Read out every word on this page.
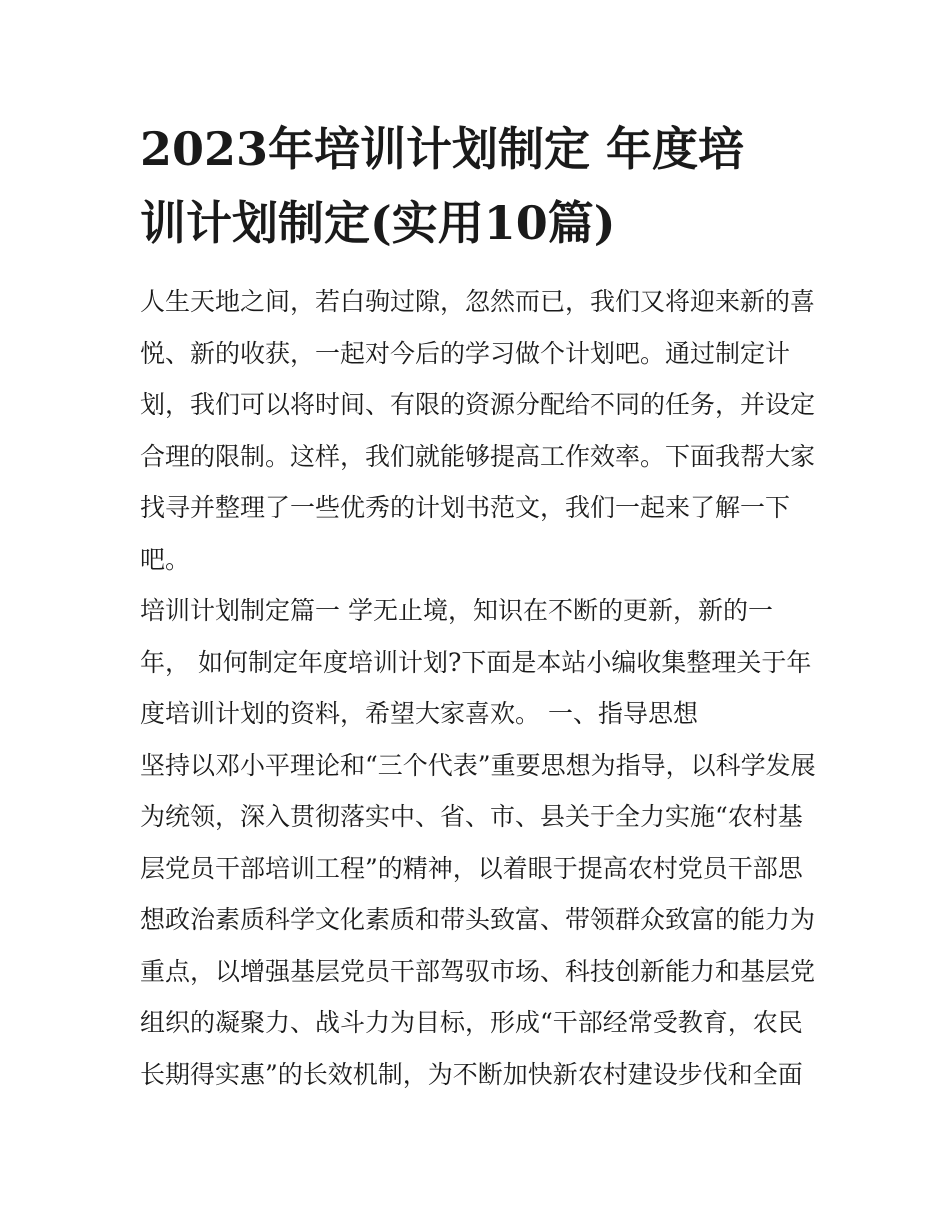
2023年培训计划制定 年度培
训计划制定(实用10篇)
人生天地之间，若白驹过隙，忽然而已，我们又将迎来新的喜
悦、新的收获，一起对今后的学习做个计划吧。通过制定计
划，我们可以将时间、有限的资源分配给不同的任务，并设定
合理的限制。这样，我们就能够提高工作效率。下面我帮大家
找寻并整理了一些优秀的计划书范文，我们一起来了解一下
吧。
培训计划制定篇一 学无止境，知识在不断的更新，新的一
年， 如何制定年度培训计划?下面是本站小编收集整理关于年
度培训计划的资料，希望大家喜欢。 一、指导思想
坚持以邓小平理论和“三个代表”重要思想为指导，以科学发展
为统领，深入贯彻落实中、省、市、县关于全力实施“农村基
层党员干部培训工程”的精神，以着眼于提高农村党员干部思
想政治素质科学文化素质和带头致富、带领群众致富的能力为
重点，以增强基层党员干部驾驭市场、科技创新能力和基层党
组织的凝聚力、战斗力为目标，形成“干部经常受教育，农民
长期得实惠”的长效机制，为不断加快新农村建设步伐和全面
